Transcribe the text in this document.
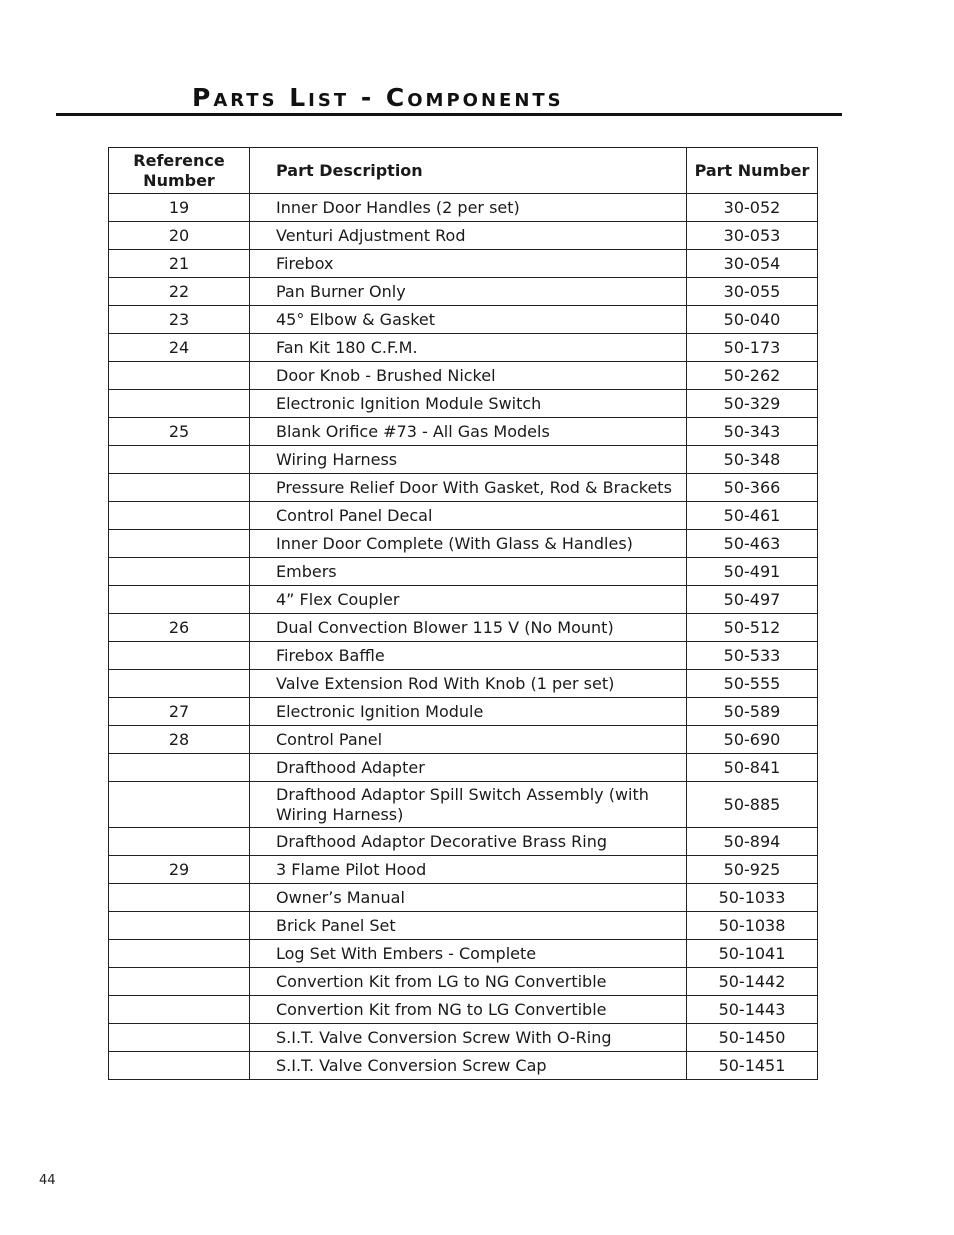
Parts List - Components
Reference Number	Part Description	Part Number
19	Inner Door Handles (2 per set)	30-052
20	Venturi Adjustment Rod	30-053
21	Firebox	30-054
22	Pan Burner Only	30-055
23	45° Elbow & Gasket	50-040
24	Fan Kit 180 C.F.M.	50-173
	Door Knob - Brushed Nickel	50-262
	Electronic Ignition Module Switch	50-329
25	Blank Orifice #73 - All Gas Models	50-343
	Wiring Harness	50-348
	Pressure Relief Door With Gasket, Rod & Brackets	50-366
	Control Panel Decal	50-461
	Inner Door Complete (With Glass & Handles)	50-463
	Embers	50-491
	4” Flex Coupler	50-497
26	Dual Convection Blower 115 V (No Mount)	50-512
	Firebox Baffle	50-533
	Valve Extension Rod With Knob (1 per set)	50-555
27	Electronic Ignition Module	50-589
28	Control Panel	50-690
	Drafthood Adapter	50-841
	Drafthood Adaptor Spill Switch Assembly (with Wiring Harness)	50-885
	Drafthood Adaptor Decorative Brass Ring	50-894
29	3 Flame Pilot Hood	50-925
	Owner’s Manual	50-1033
	Brick Panel Set	50-1038
	Log Set With Embers - Complete	50-1041
	Convertion Kit from LG to NG Convertible	50-1442
	Convertion Kit from NG to LG Convertible	50-1443
	S.I.T. Valve Conversion Screw With O-Ring	50-1450
	S.I.T. Valve Conversion Screw Cap	50-1451
44
